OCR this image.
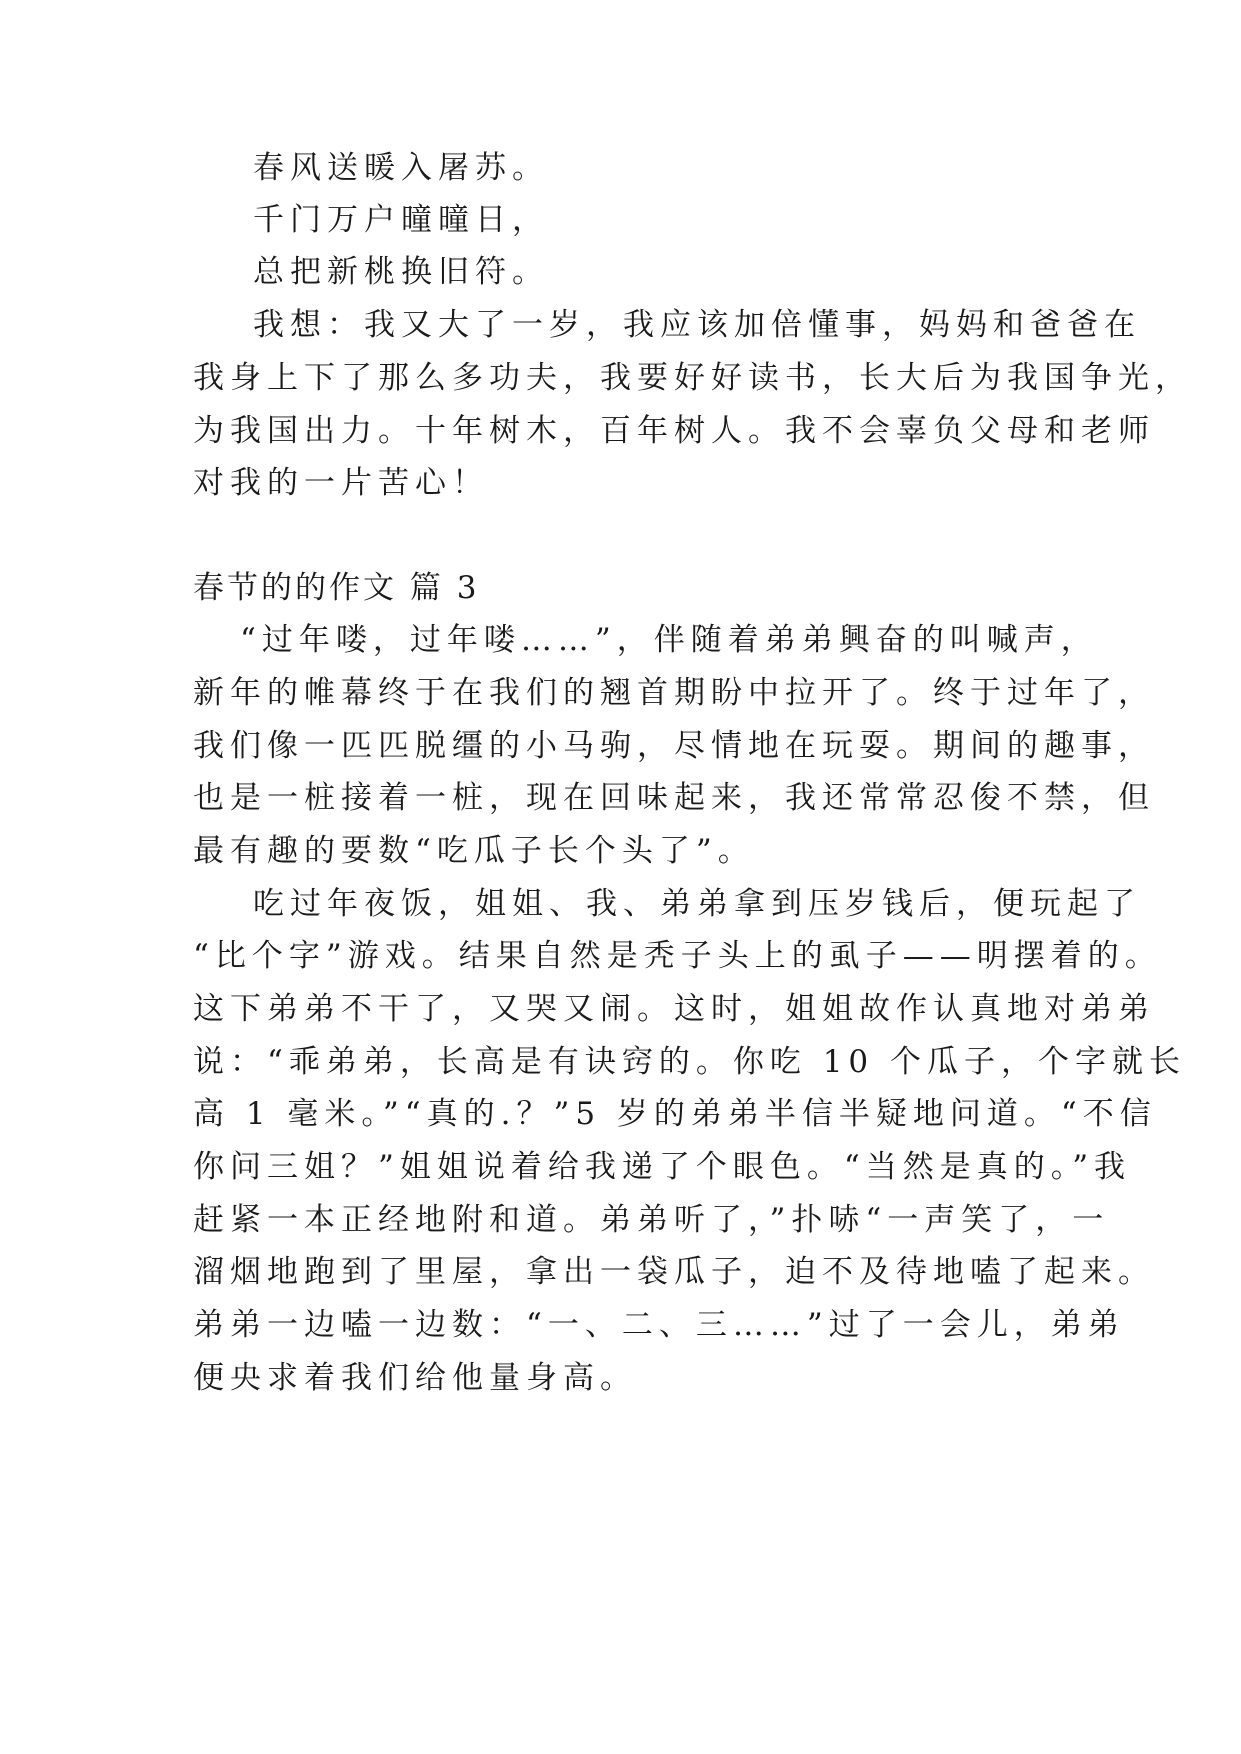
春风送暖入屠苏。

千门万户曈曈日，

总把新桃换旧符。

我想：我又大了一岁，我应该加倍懂事，妈妈和爸爸在

我身上下了那么多功夫，我要好好读书，长大后为我国争光，

为我国出力。十年树木，百年树人。我不会辜负父母和老师

对我的一片苦心！

春节的的作文 篇 3

“过年喽，过年喽……”，伴随着弟弟興奋的叫喊声，

新年的帷幕终于在我们的翘首期盼中拉开了。终于过年了，

我们像一匹匹脱缰的小马驹，尽情地在玩耍。期间的趣事，

也是一桩接着一桩，现在回味起来，我还常常忍俊不禁，但

最有趣的要数“吃瓜子长个头了”。

吃过年夜饭，姐姐、我、弟弟拿到压岁钱后，便玩起了

“比个字”游戏。结果自然是秃子头上的虱子——明摆着的。

这下弟弟不干了，又哭又闹。这时，姐姐故作认真地对弟弟

说：“乖弟弟，长高是有诀窍的。你吃 10 个瓜子，个字就长

高 1 毫米。”“真的.？”5 岁的弟弟半信半疑地问道。“不信

你问三姐？”姐姐说着给我递了个眼色。“当然是真的。”我

赶紧一本正经地附和道。弟弟听了，”扑哧“一声笑了，一

溜烟地跑到了里屋，拿出一袋瓜子，迫不及待地嗑了起来。

弟弟一边嗑一边数：“一、二、三……”过了一会儿，弟弟

便央求着我们给他量身高。
